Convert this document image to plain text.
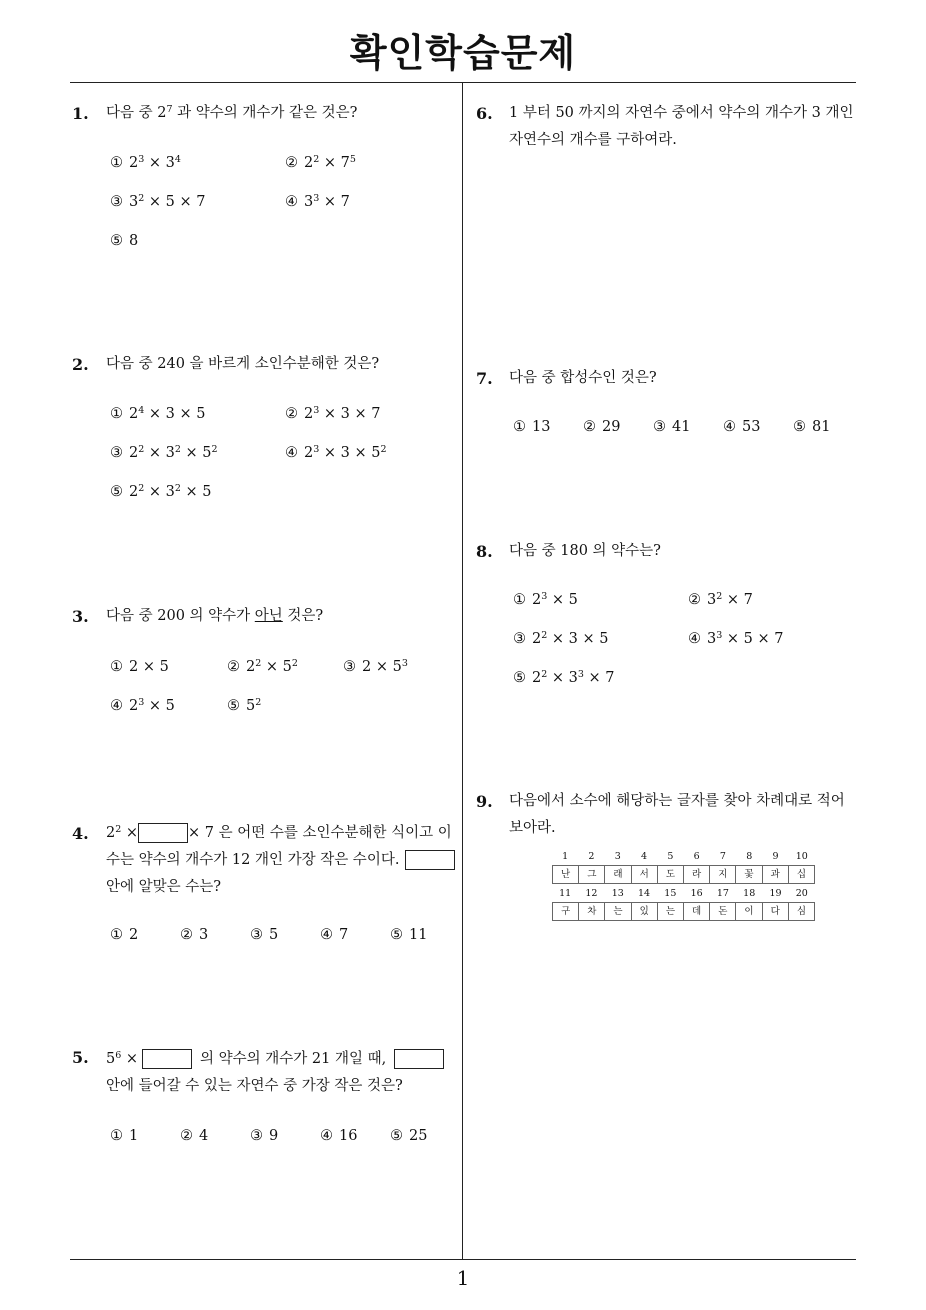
확인학습문제
1
1. 다음 중 $2^7$ 과 약수의 개수가 같은 것은?
① $2^3 \times 3^4$	② $2^2 \times 7^5$
③ $3^2 \times 5 \times 7$	④ $3^3 \times 7$
⑤ 8
2. 다음 중 240 을 바르게 소인수분해한 것은?
① $2^4 \times 3 \times 5$	② $2^3 \times 3 \times 7$
③ $2^2 \times 3^2 \times 5^2$	④ $2^3 \times 3 \times 5^2$
⑤ $2^2 \times 3^2 \times 5$
3. 다음 중 200 의 약수가 아닌 것은?
① 2 × 5	② $2^2 \times 5^2$	③ $2 \times 5^3$
④ $2^3 \times 5$	⑤ $5^2$
4. $2^2$ ×	× 7 은 어떤 수를 소인수분해한 식이고 이
수는 약수의 개수가 12 개인 가장 작은 수이다.
안에 알맞은 수는?
① 2	② 3	③ 5	④ 7	⑤ 11
5. $5^6$ ×	의 약수의 개수가 21 개일 때,
안에 들어갈 수 있는 자연수 중 가장 작은 것은?
① 1	② 4	③ 9	④ 16 ⑤ 25
6. 1 부터 50 까지의 자연수 중에서 약수의 개수가 3 개인
자연수의 개수를 구하여라.
7. 다음 중 합성수인 것은?
① 13 ② 29 ③ 41 ④ 53 ⑤ 81
8. 다음 중 180 의 약수는?
① $2^3 \times 5$	② $3^2 \times 7$
③ $2^2 \times 3 \times 5$	④ $3^3 \times 5 \times 7$
⑤ $2^2 \times 3^3 \times 7$
9. 다음에서 소수에 해당하는 글자를 찾아 차례대로 적어
보아라.
1	2	3	4	5	6	7	8	9	10
난	그	래	서	도	라	지	꽃	과	십
11	12	13	14	15	16	17	18	19	20
구	차	는	있	는	데	돈	이	다	심
